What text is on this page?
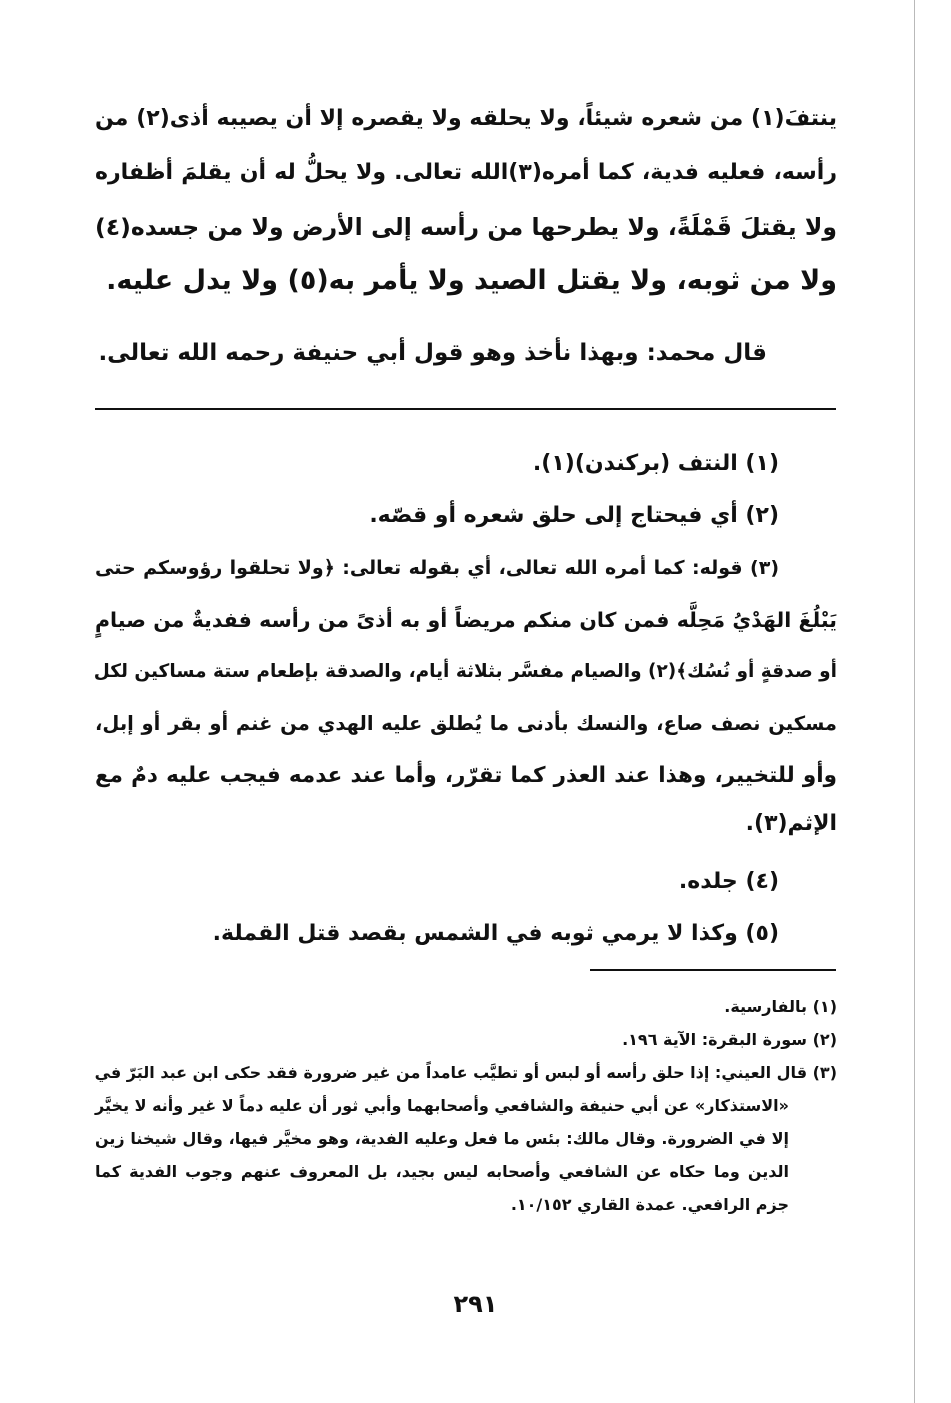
ينتفَ(١) من شعره شيئاً، ولا يحلقه ولا يقصره إلا أن يصيبه أذى(٢) من
رأسه، فعليه فدية، كما أمره(٣)الله تعالى. ولا يحلُّ له أن يقلمَ أظفاره
ولا يقتلَ قَمْلَةً، ولا يطرحها من رأسه إلى الأرض ولا من جسده(٤)
ولا من ثوبه، ولا يقتل الصيد ولا يأمر به(٥) ولا يدل عليه.
قال محمد: وبهذا نأخذ وهو قول أبي حنيفة رحمه الله تعالى.
(١) النتف (بركندن)(١).
(٢) أي فيحتاج إلى حلق شعره أو قصّه.
(٣) قوله: كما أمره الله تعالى، أي بقوله تعالى: ﴿ولا تحلقوا رؤوسكم حتى
يَبْلُغَ الهَدْيُ مَحِلَّه فمن كان منكم مريضاً أو به أذىً من رأسه ففديةٌ من صيامٍ
أو صدقةٍ أو نُسُك﴾(٢) والصيام مفسَّر بثلاثة أيام، والصدقة بإطعام ستة مساكين لكل
مسكين نصف صاع، والنسك بأدنى ما يُطلق عليه الهدي من غنم أو بقر أو إبل،
وأو للتخيير، وهذا عند العذر كما تقرّر، وأما عند عدمه فيجب عليه دمٌ مع
الإثم(٣).
(٤) جلده.
(٥) وكذا لا يرمي ثوبه في الشمس بقصد قتل القملة.
(١) بالفارسية.
(٢) سورة البقرة: الآية ١٩٦.
(٣) قال العيني: إذا حلق رأسه أو لبس أو تطيَّب عامداً من غير ضرورة فقد حكى ابن عبد البَرّ في
«الاستذكار» عن أبي حنيفة والشافعي وأصحابهما وأبي ثور أن عليه دماً لا غير وأنه لا يخيَّر
إلا في الضرورة. وقال مالك: بئس ما فعل وعليه الفدية، وهو مخيَّر فيها، وقال شيخنا زين
الدين وما حكاه عن الشافعي وأصحابه ليس بجيد، بل المعروف عنهم وجوب الفدية كما
جزم الرافعي. عمدة القاري ١٠/١٥٢.
٢٩١
